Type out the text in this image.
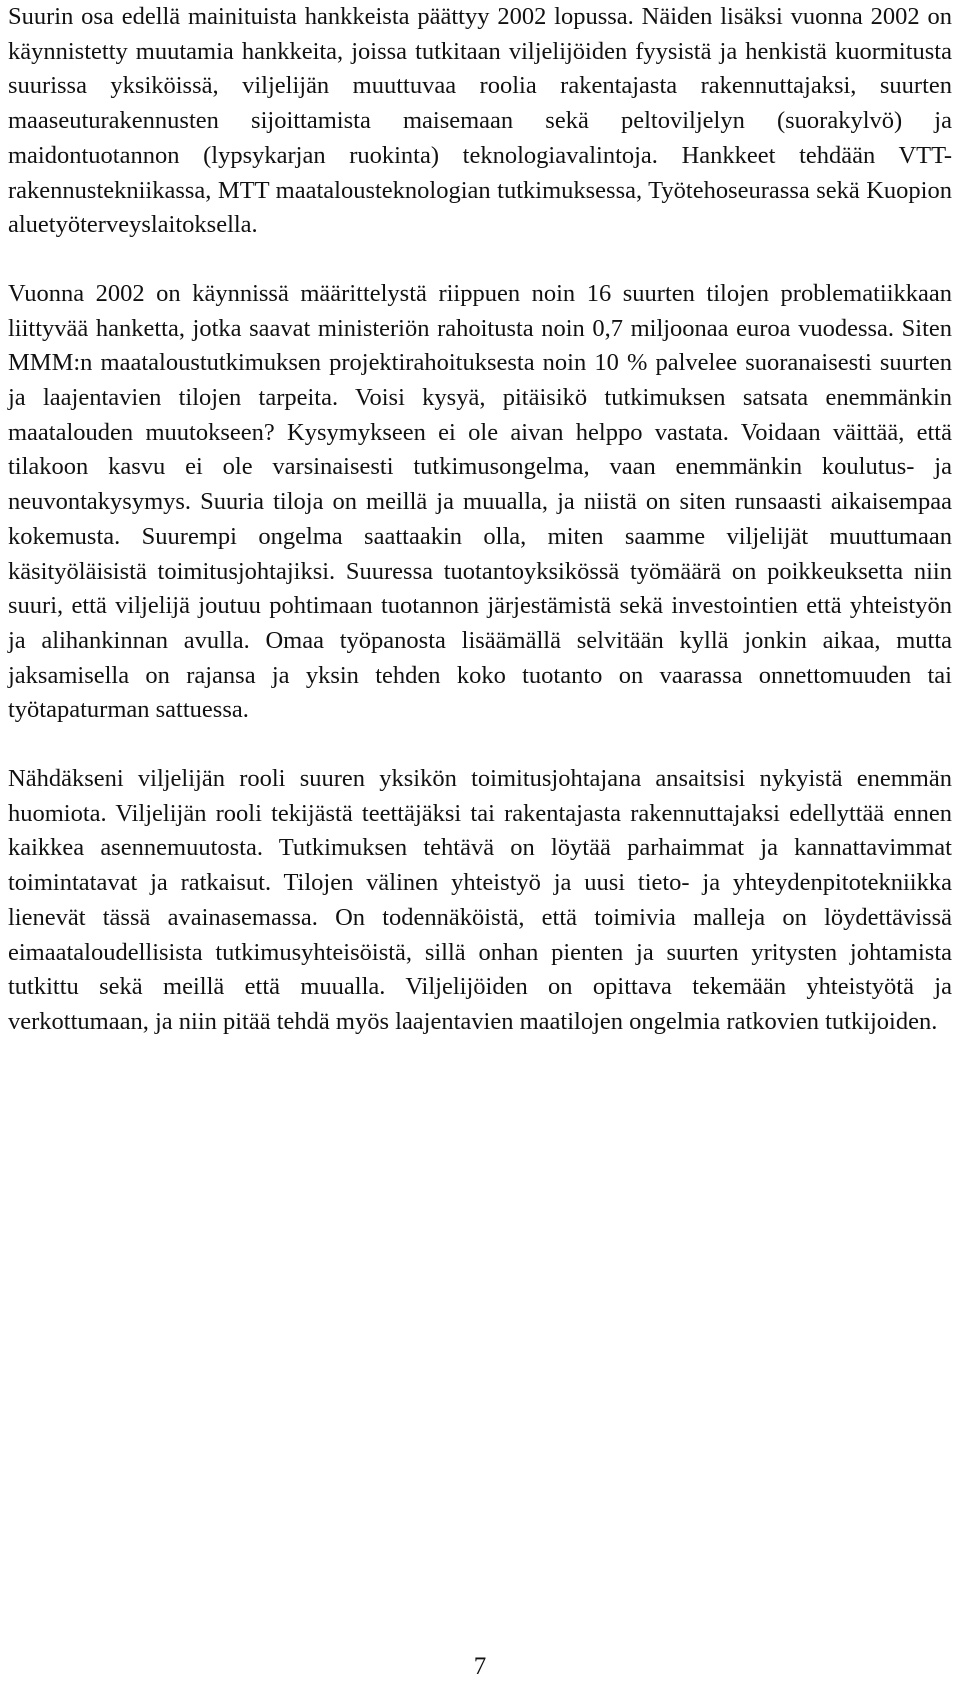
Suurin osa edellä mainituista hankkeista päättyy 2002 lopussa. Näiden lisäksi vuonna 2002 on käynnistetty muutamia hankkeita, joissa tutkitaan viljelijöiden fyysistä ja henkistä kuormitusta suurissa yksiköissä, viljelijän muuttuvaa roolia rakentajasta rakennuttajaksi, suurten maaseuturakennusten sijoittamista maisemaan sekä peltoviljelyn (suorakylvö) ja maidontuotannon (lypsykarjan ruokinta) teknologiavalintoja. Hankkeet tehdään VTT-rakennustekniikassa, MTT maatalousteknologian tutkimuksessa, Työtehoseurassa sekä Kuopion aluetyöterveyslaitoksella.

Vuonna 2002 on käynnissä määrittelystä riippuen noin 16 suurten tilojen problematiikkaan liittyvää hanketta, jotka saavat ministeriön rahoitusta noin 0,7 miljoonaa euroa vuodessa. Siten MMM:n maataloustutkimuksen projektirahoituksesta noin 10 % palvelee suoranaisesti suurten ja laajentavien tilojen tarpeita. Voisi kysyä, pitäisikö tutkimuksen satsata enemmänkin maatalouden muutokseen? Kysymykseen ei ole aivan helppo vastata. Voidaan väittää, että tilakoon kasvu ei ole varsinaisesti tutkimusongelma, vaan enemmänkin koulutus- ja neuvontakysymys. Suuria tiloja on meillä ja muualla, ja niistä on siten runsaasti aikaisempaa kokemusta. Suurempi ongelma saattaakin olla, miten saamme viljelijät muuttumaan käsityöläisistä toimitusjohtajiksi. Suuressa tuotantoyksikössä työmäärä on poikkeuksetta niin suuri, että viljelijä joutuu pohtimaan tuotannon järjestämistä sekä investointien että yhteistyön ja alihankinnan avulla. Omaa työpanosta lisäämällä selvitään kyllä jonkin aikaa, mutta jaksamisella on rajansa ja yksin tehden koko tuotanto on vaarassa onnettomuuden tai työtapaturman sattuessa.

Nähdäkseni viljelijän rooli suuren yksikön toimitusjohtajana ansaitsisi nykyistä enemmän huomiota. Viljelijän rooli tekijästä teettäjäksi tai rakentajasta rakennuttajaksi edellyttää ennen kaikkea asennemuutosta. Tutkimuksen tehtävä on löytää parhaimmat ja kannattavimmat toimintatavat ja ratkaisut. Tilojen välinen yhteistyö ja uusi tieto- ja yhteydenpitotekniikka lienevät tässä avainasemassa. On todennäköistä, että toimivia malleja on löydettävissä eimaataloudellisista tutkimusyhteisöistä, sillä onhan pienten ja suurten yritysten johtamista tutkittu sekä meillä että muualla. Viljelijöiden on opittava tekemään yhteistyötä ja verkottumaan, ja niin pitää tehdä myös laajentavien maatilojen ongelmia ratkovien tutkijoiden.

7
